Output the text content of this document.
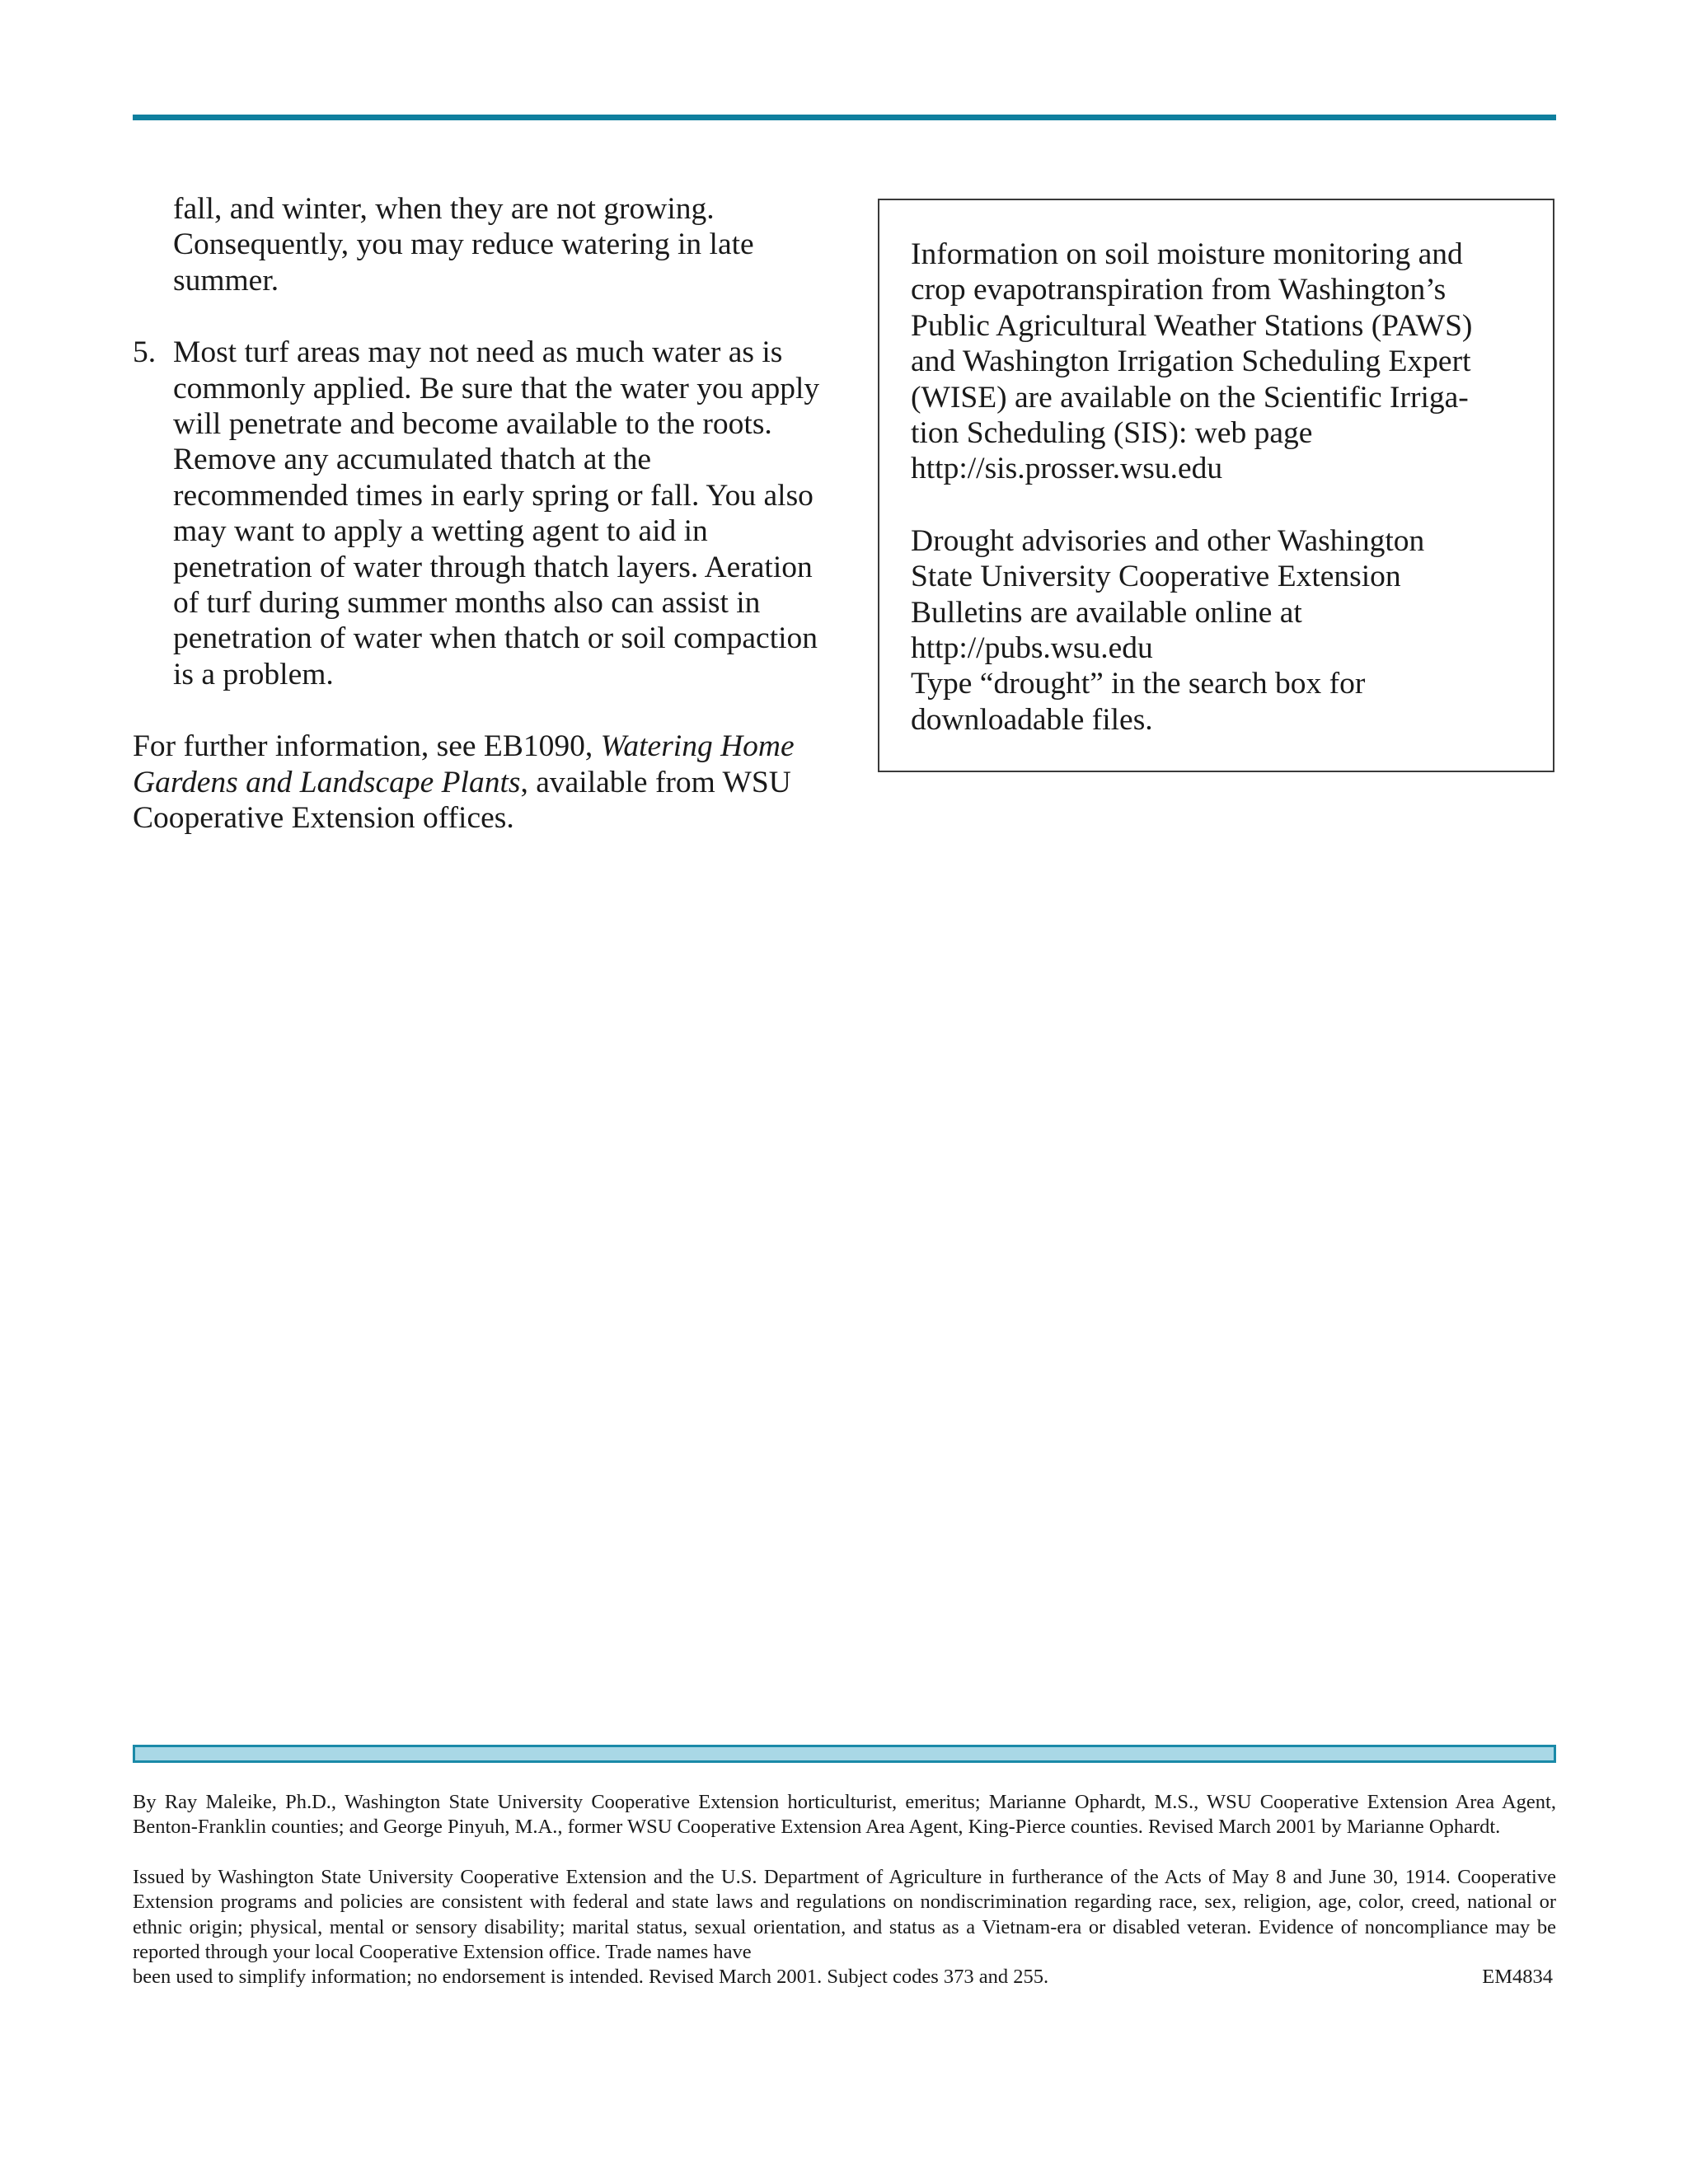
fall, and winter, when they are not growing.
Consequently, you may reduce watering in late
summer.

5. Most turf areas may not need as much water as is commonly applied. Be sure that the water you apply will penetrate and become available to the roots. Remove any accumulated thatch at the recommended times in early spring or fall. You also may want to apply a wetting agent to aid in penetration of water through thatch layers. Aeration of turf during summer months also can assist in penetration of water when thatch or soil compaction is a problem.

For further information, see EB1090, Watering Home Gardens and Landscape Plants, available from WSU Cooperative Extension offices.

Information on soil moisture monitoring and
crop evapotranspiration from Washington’s
Public Agricultural Weather Stations (PAWS)
and Washington Irrigation Scheduling Expert
(WISE) are available on the Scientific Irriga-
tion Scheduling (SIS): web page
http://sis.prosser.wsu.edu

Drought advisories and other Washington
State University Cooperative Extension
Bulletins are available online at
http://pubs.wsu.edu
Type “drought” in the search box for
downloadable files.

By Ray Maleike, Ph.D., Washington State University Cooperative Extension horticulturist, emeritus; Marianne Ophardt, M.S., WSU Cooperative Extension Area Agent, Benton-Franklin counties; and George Pinyuh, M.A., former WSU Cooperative Extension Area Agent, King-Pierce counties. Revised March 2001 by Marianne Ophardt.

Issued by Washington State University Cooperative Extension and the U.S. Department of Agriculture in furtherance of the Acts of May 8 and June 30, 1914. Cooperative Extension programs and policies are consistent with federal and state laws and regulations on nondiscrimination regarding race, sex, religion, age, color, creed, national or ethnic origin; physical, mental or sensory disability; marital status, sexual orientation, and status as a Vietnam-era or disabled veteran. Evidence of noncompliance may be reported through your local Cooperative Extension office. Trade names have

been used to simplify information; no endorsement is intended. Revised March 2001. Subject codes 373 and 255.	EM4834
